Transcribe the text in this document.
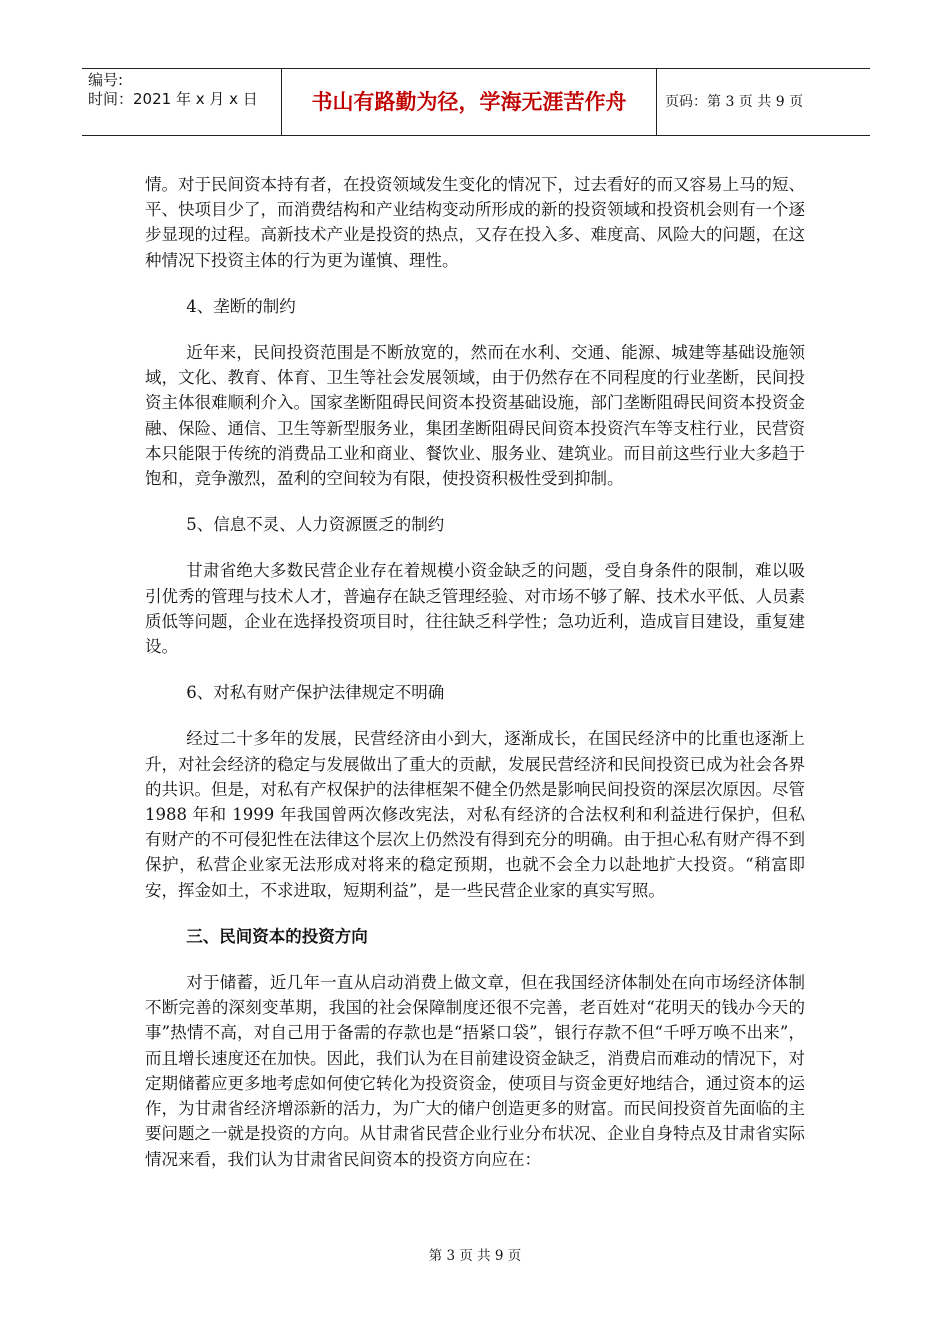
编号:
时间：2021 年 x 月 x 日	书山有路勤为径，学海无涯苦作舟	页码：第 3 页 共 9 页

情。对于民间资本持有者，在投资领域发生变化的情况下，过去看好的而又容易上马的短、平、快项目少了，而消费结构和产业结构变动所形成的新的投资领域和投资机会则有一个逐步显现的过程。高新技术产业是投资的热点，又存在投入多、难度高、风险大的问题，在这种情况下投资主体的行为更为谨慎、理性。

4、垄断的制约

近年来，民间投资范围是不断放宽的，然而在水利、交通、能源、城建等基础设施领域，文化、教育、体育、卫生等社会发展领域，由于仍然存在不同程度的行业垄断，民间投资主体很难顺利介入。国家垄断阻碍民间资本投资基础设施，部门垄断阻碍民间资本投资金融、保险、通信、卫生等新型服务业，集团垄断阻碍民间资本投资汽车等支柱行业，民营资本只能限于传统的消费品工业和商业、餐饮业、服务业、建筑业。而目前这些行业大多趋于饱和，竞争激烈，盈利的空间较为有限，使投资积极性受到抑制。

5、信息不灵、人力资源匮乏的制约

甘肃省绝大多数民营企业存在着规模小资金缺乏的问题，受自身条件的限制，难以吸引优秀的管理与技术人才，普遍存在缺乏管理经验、对市场不够了解、技术水平低、人员素质低等问题，企业在选择投资项目时，往往缺乏科学性；急功近利，造成盲目建设，重复建设。

6、对私有财产保护法律规定不明确

经过二十多年的发展，民营经济由小到大，逐渐成长，在国民经济中的比重也逐渐上升，对社会经济的稳定与发展做出了重大的贡献，发展民营经济和民间投资已成为社会各界的共识。但是，对私有产权保护的法律框架不健全仍然是影响民间投资的深层次原因。尽管 1988 年和 1999 年我国曾两次修改宪法，对私有经济的合法权利和利益进行保护，但私有财产的不可侵犯性在法律这个层次上仍然没有得到充分的明确。由于担心私有财产得不到保护，私营企业家无法形成对将来的稳定预期，也就不会全力以赴地扩大投资。“稍富即安，挥金如土，不求进取，短期利益”，是一些民营企业家的真实写照。

三、民间资本的投资方向

对于储蓄，近几年一直从启动消费上做文章，但在我国经济体制处在向市场经济体制不断完善的深刻变革期，我国的社会保障制度还很不完善，老百姓对“花明天的钱办今天的事”热情不高，对自己用于备需的存款也是“捂紧口袋”，银行存款不但“千呼万唤不出来”，而且增长速度还在加快。因此，我们认为在目前建设资金缺乏，消费启而难动的情况下，对定期储蓄应更多地考虑如何使它转化为投资资金，使项目与资金更好地结合，通过资本的运作，为甘肃省经济增添新的活力，为广大的储户创造更多的财富。而民间投资首先面临的主要问题之一就是投资的方向。从甘肃省民营企业行业分布状况、企业自身特点及甘肃省实际情况来看，我们认为甘肃省民间资本的投资方向应在：

第 3 页 共 9 页
